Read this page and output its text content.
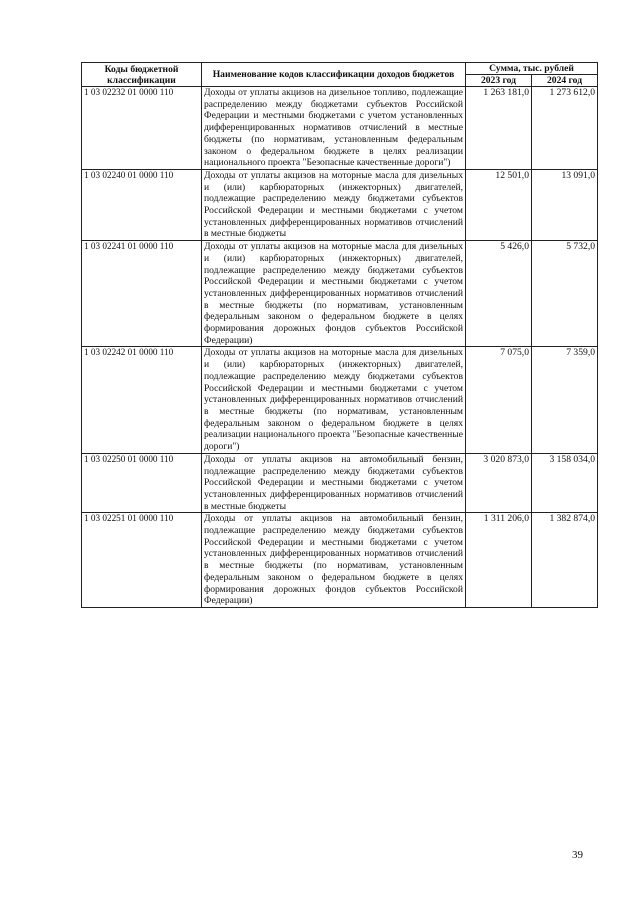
Коды бюджетной классификации	Наименование кодов классификации доходов бюджетов	Сумма, тыс. рублей	
		2023 год	2024 год
1 03 02232 01 0000 110	Доходы от уплаты акцизов на дизельное топливо, подлежащие распределению между бюджетами субъектов Российской Федерации и местными бюджетами с учетом установленных дифференцированных нормативов отчислений в местные бюджеты (по нормативам, установленным федеральным законом о федеральном бюджете в целях реализации национального проекта "Безопасные качественные дороги")	1 263 181,0	1 273 612,0
1 03 02240 01 0000 110	Доходы от уплаты акцизов на моторные масла для дизельных и (или) карбюраторных (инжекторных) двигателей, подлежащие распределению между бюджетами субъектов Российской Федерации и местными бюджетами с учетом установленных дифференцированных нормативов отчислений в местные бюджеты	12 501,0	13 091,0
1 03 02241 01 0000 110	Доходы от уплаты акцизов на моторные масла для дизельных и (или) карбюраторных (инжекторных) двигателей, подлежащие распределению между бюджетами субъектов Российской Федерации и местными бюджетами с учетом установленных дифференцированных нормативов отчислений в местные бюджеты (по нормативам, установленным федеральным законом о федеральном бюджете в целях формирования дорожных фондов субъектов Российской Федерации)	5 426,0	5 732,0
1 03 02242 01 0000 110	Доходы от уплаты акцизов на моторные масла для дизельных и (или) карбюраторных (инжекторных) двигателей, подлежащие распределению между бюджетами субъектов Российской Федерации и местными бюджетами с учетом установленных дифференцированных нормативов отчислений в местные бюджеты (по нормативам, установленным федеральным законом о федеральном бюджете в целях реализации национального проекта "Безопасные качественные дороги")	7 075,0	7 359,0
1 03 02250 01 0000 110	Доходы от уплаты акцизов на автомобильный бензин, подлежащие распределению между бюджетами субъектов Российской Федерации и местными бюджетами с учетом установленных дифференцированных нормативов отчислений в местные бюджеты	3 020 873,0	3 158 034,0
1 03 02251 01 0000 110	Доходы от уплаты акцизов на автомобильный бензин, подлежащие распределению между бюджетами субъектов Российской Федерации и местными бюджетами с учетом установленных дифференцированных нормативов отчислений в местные бюджеты (по нормативам, установленным федеральным законом о федеральном бюджете в целях формирования дорожных фондов субъектов Российской Федерации)	1 311 206,0	1 382 874,0
39
